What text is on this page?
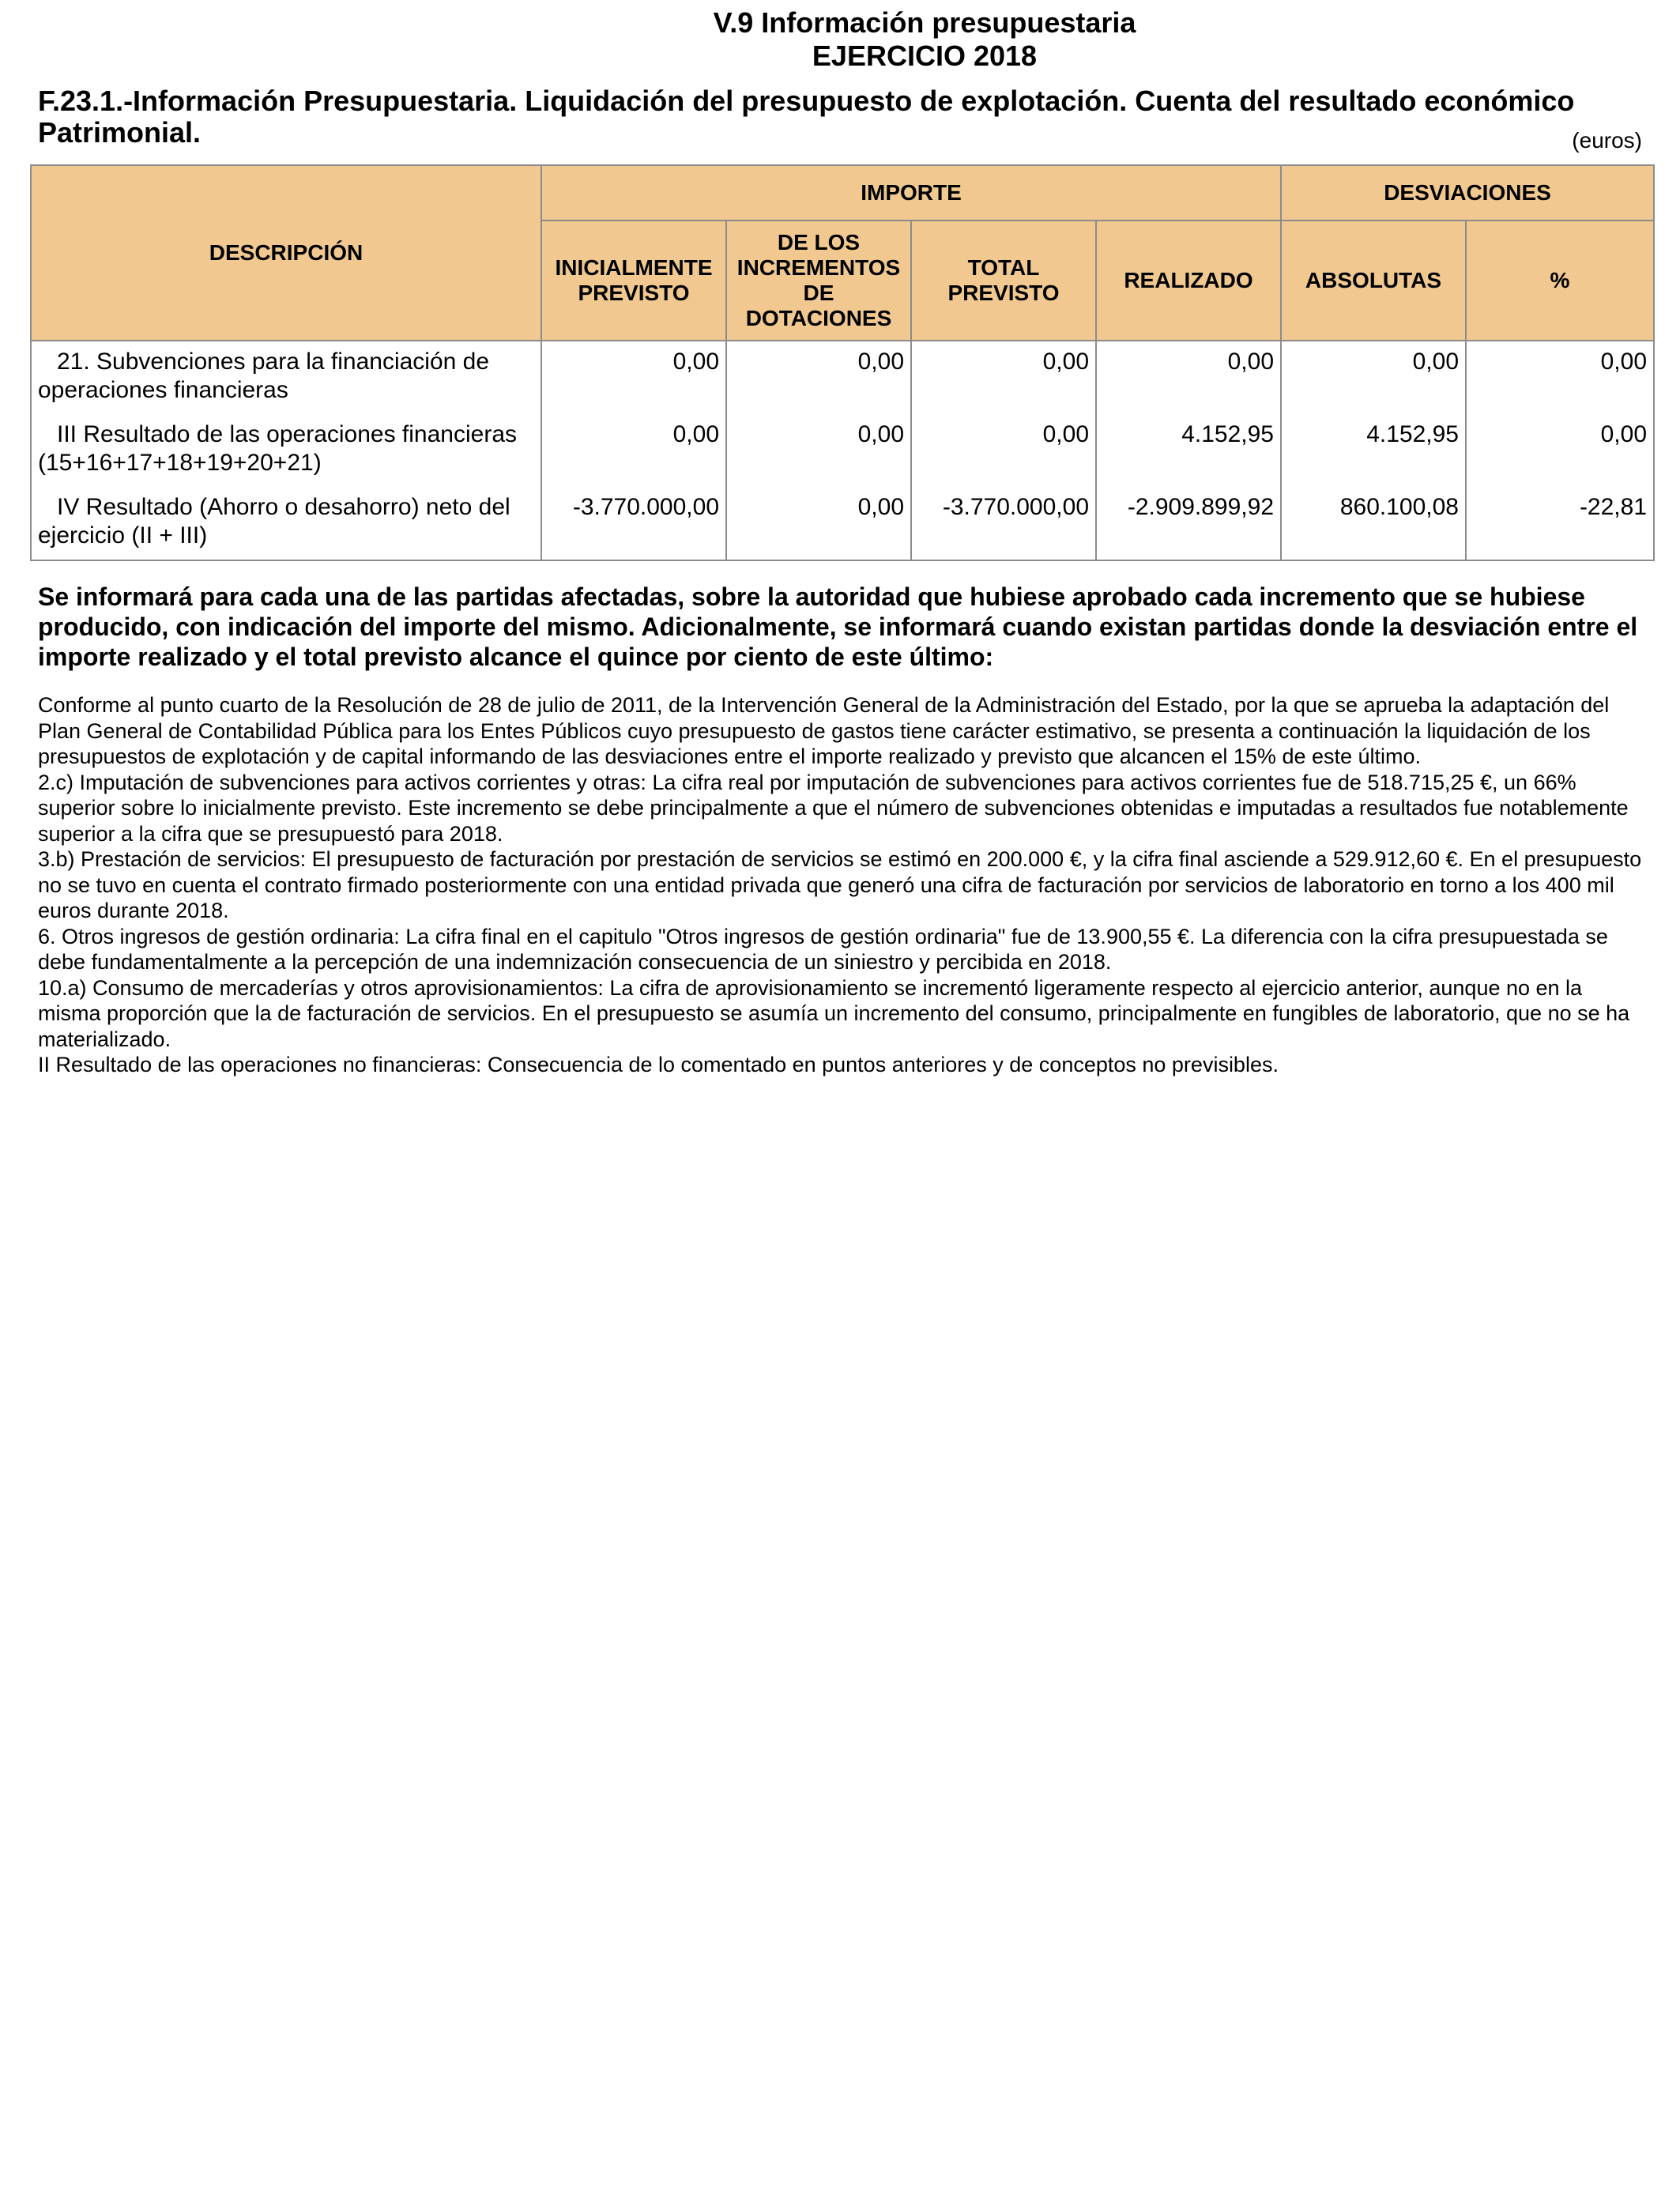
V.9 Información presupuestaria
EJERCICIO 2018
F.23.1.-Información Presupuestaria. Liquidación del presupuesto de explotación. Cuenta del resultado económico Patrimonial.	(euros)
DESCRIPCIÓN	IMPORTE				DESVIACIONES	
	INICIALMENTE PREVISTO	DE LOS INCREMENTOS DE DOTACIONES	TOTAL PREVISTO	REALIZADO	ABSOLUTAS	%

21. Subvenciones para la financiación de operaciones financieras	0,00	0,00	0,00	0,00	0,00	0,00

III Resultado de las operaciones financieras (15+16+17+18+19+20+21)	0,00	0,00	0,00	4.152,95	4.152,95	0,00

IV Resultado (Ahorro o desahorro) neto del ejercicio (II + III)	-3.770.000,00	0,00	-3.770.000,00	-2.909.899,92	860.100,08	-22,81
Se informará para cada una de las partidas afectadas, sobre la autoridad que hubiese aprobado cada incremento que se hubiese producido, con indicación del importe del mismo. Adicionalmente, se informará cuando existan partidas donde la desviación entre el importe realizado y el total previsto alcance el quince por ciento de este último:

Conforme al punto cuarto de la Resolución de 28 de julio de 2011, de la Intervención General de la Administración del Estado, por la que se aprueba la adaptación del Plan General de Contabilidad Pública para los Entes Públicos cuyo presupuesto de gastos tiene carácter estimativo, se presenta a continuación la liquidación de los presupuestos de explotación y de capital informando de las desviaciones entre el importe realizado y previsto que alcancen el 15% de este último.

2.c) Imputación de subvenciones para activos corrientes y otras: La cifra real por imputación de subvenciones para activos corrientes fue de 518.715,25 €, un 66% superior sobre lo inicialmente previsto. Este incremento se debe principalmente a que el número de subvenciones obtenidas e imputadas a resultados fue notablemente superior a la cifra que se presupuestó para 2018.

3.b) Prestación de servicios: El presupuesto de facturación por prestación de servicios se estimó en 200.000 €, y la cifra final asciende a 529.912,60 €. En el presupuesto no se tuvo en cuenta el contrato firmado posteriormente con una entidad privada que generó una cifra de facturación por servicios de laboratorio en torno a los 400 mil euros durante 2018.

6. Otros ingresos de gestión ordinaria: La cifra final en el capitulo "Otros ingresos de gestión ordinaria" fue de 13.900,55 €. La diferencia con la cifra presupuestada se debe fundamentalmente a la percepción de una indemnización consecuencia de un siniestro y percibida en 2018.

10.a) Consumo de mercaderías y otros aprovisionamientos: La cifra de aprovisionamiento se incrementó ligeramente respecto al ejercicio anterior, aunque no en la misma proporción que la de facturación de servicios. En el presupuesto se asumía un incremento del consumo, principalmente en fungibles de laboratorio, que no se ha materializado.

II Resultado de las operaciones no financieras: Consecuencia de lo comentado en puntos anteriores y de conceptos no previsibles.
